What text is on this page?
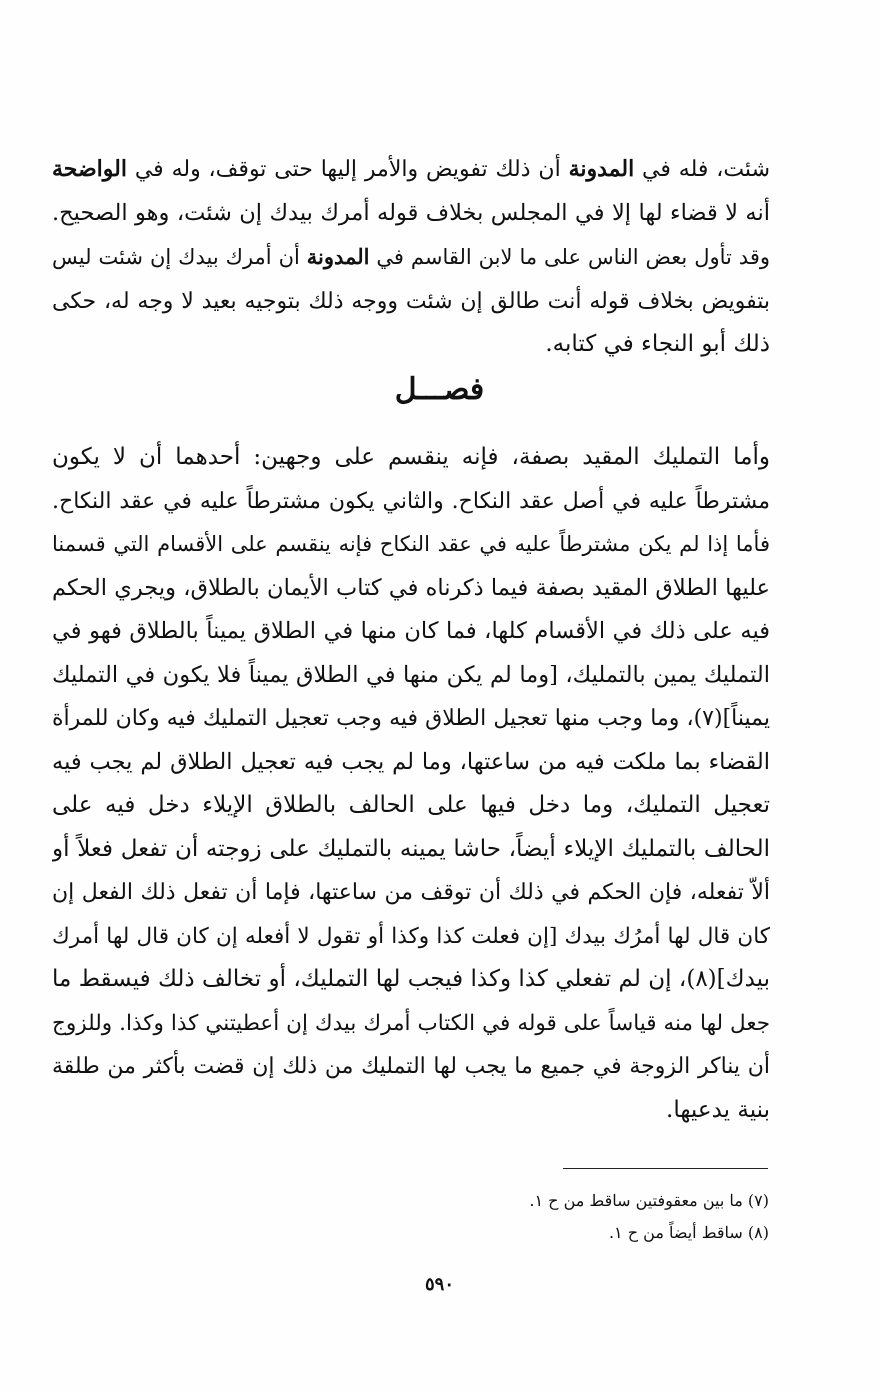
شئت، فله في المدونة أن ذلك تفويض والأمر إليها حتى توقف، وله في الواضحة
أنه لا قضاء لها إلا في المجلس بخلاف قوله أمرك بيدك إن شئت، وهو الصحيح.
وقد تأول بعض الناس على ما لابن القاسم في المدونة أن أمرك بيدك إن شئت ليس
بتفويض بخلاف قوله أنت طالق إن شئت ووجه ذلك بتوجيه بعيد لا وجه له، حكى
ذلك أبو النجاء في كتابه.
فصـــل
وأما التمليك المقيد بصفة، فإنه ينقسم على وجهين: أحدهما أن لا يكون
مشترطاً عليه في أصل عقد النكاح. والثاني يكون مشترطاً عليه في عقد النكاح.
فأما إذا لم يكن مشترطاً عليه في عقد النكاح فإنه ينقسم على الأقسام التي قسمنا
عليها الطلاق المقيد بصفة فيما ذكرناه في كتاب الأيمان بالطلاق، ويجري الحكم
فيه على ذلك في الأقسام كلها، فما كان منها في الطلاق يميناً بالطلاق فهو في
التمليك يمين بالتمليك، [وما لم يكن منها في الطلاق يميناً فلا يكون في التمليك
يميناً](٧)، وما وجب منها تعجيل الطلاق فيه وجب تعجيل التمليك فيه وكان للمرأة
القضاء بما ملكت فيه من ساعتها، وما لم يجب فيه تعجيل الطلاق لم يجب فيه
تعجيل التمليك، وما دخل فيها على الحالف بالطلاق الإيلاء دخل فيه على
الحالف بالتمليك الإيلاء أيضاً، حاشا يمينه بالتمليك على زوجته أن تفعل فعلاً أو
ألاّ تفعله، فإن الحكم في ذلك أن توقف من ساعتها، فإما أن تفعل ذلك الفعل إن
كان قال لها أمرُك بيدك [إن فعلت كذا وكذا أو تقول لا أفعله إن كان قال لها أمرك
بيدك](٨)، إن لم تفعلي كذا وكذا فيجب لها التمليك، أو تخالف ذلك فيسقط ما
جعل لها منه قياساً على قوله في الكتاب أمرك بيدك إن أعطيتني كذا وكذا. وللزوج
أن يناكر الزوجة في جميع ما يجب لها التمليك من ذلك إن قضت بأكثر من طلقة
بنية يدعيها.
(٧) ما بين معقوفتين ساقط من ح ١.
(٨) ساقط أيضاً من ح ١.
٥٩٠
